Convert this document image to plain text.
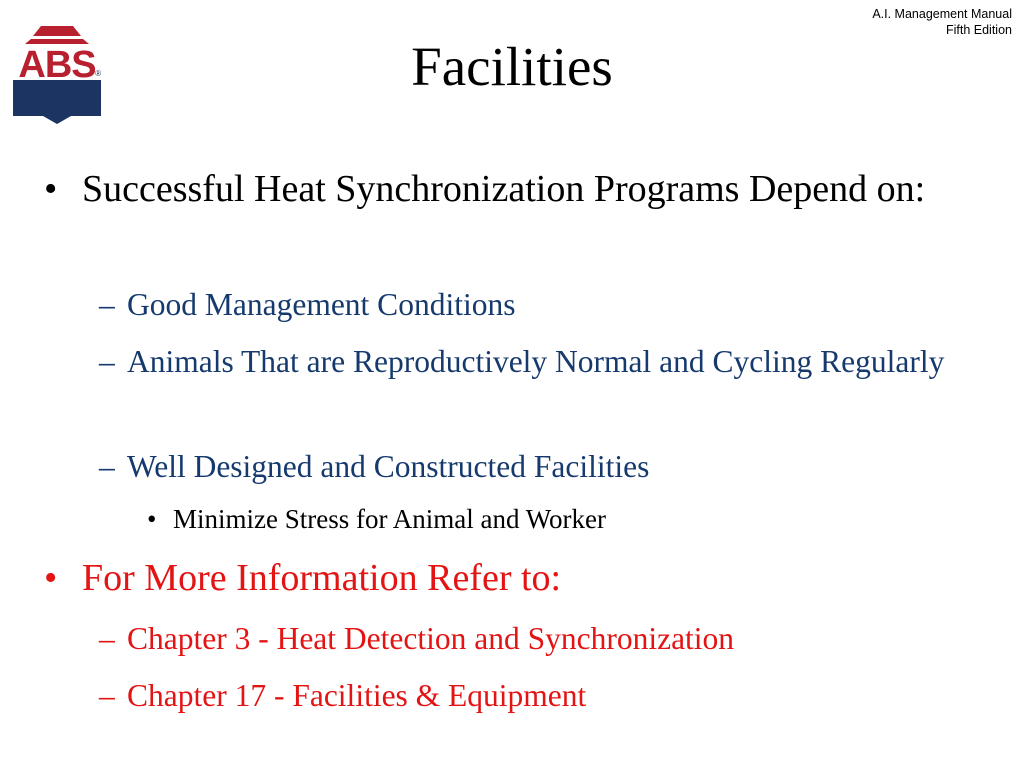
ABS ®
A.I. Management Manual
Fifth Edition
Facilities
• Successful Heat Synchronization Programs Depend on:
– Good Management Conditions
– Animals That are Reproductively Normal and Cycling Regularly
– Well Designed and Constructed Facilities
• Minimize Stress for Animal and Worker
• For More Information Refer to:
– Chapter 3 - Heat Detection and Synchronization
– Chapter 17 - Facilities & Equipment
